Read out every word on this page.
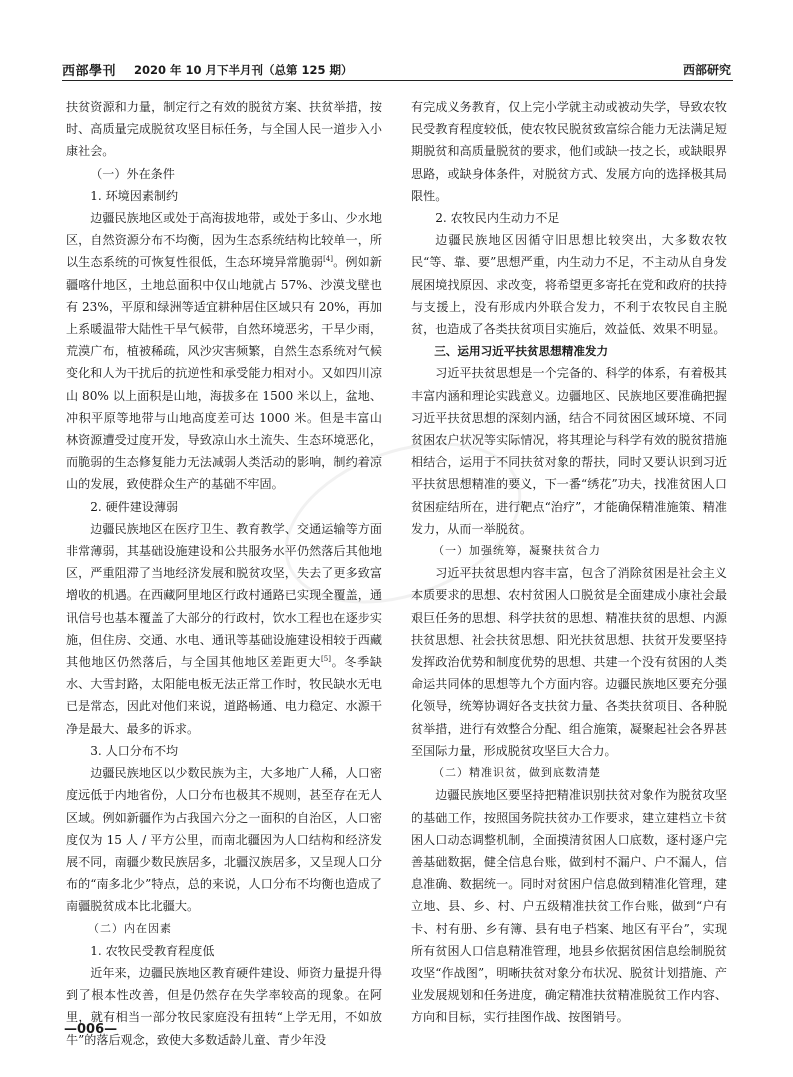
西部學刊 2020 年 10 月下半月刊（总第 125 期）	西部研究

扶贫资源和力量，制定行之有效的脱贫方案、扶贫举措，按时、高质量完成脱贫攻坚目标任务，与全国人民一道步入小康社会。

（一）外在条件

1. 环境因素制约

边疆民族地区或处于高海拔地带，或处于多山、少水地区，自然资源分布不均衡，因为生态系统结构比较单一，所以生态系统的可恢复性很低，生态环境异常脆弱[4]。例如新疆喀什地区，土地总面积中仅山地就占 57%、沙漠戈壁也有 23%，平原和绿洲等适宜耕种居住区域只有 20%，再加上系暖温带大陆性干旱气候带，自然环境恶劣，干旱少雨，荒漠广布，植被稀疏，风沙灾害频繁，自然生态系统对气候变化和人为干扰后的抗逆性和承受能力相对小。又如四川凉山 80% 以上面积是山地，海拔多在 1500 米以上，盆地、冲积平原等地带与山地高度差可达 1000 米。但是丰富山林资源遭受过度开发，导致凉山水土流失、生态环境恶化，而脆弱的生态修复能力无法减弱人类活动的影响，制约着凉山的发展，致使群众生产的基础不牢固。

2. 硬件建设薄弱

边疆民族地区在医疗卫生、教育教学、交通运输等方面非常薄弱，其基础设施建设和公共服务水平仍然落后其他地区，严重阻滞了当地经济发展和脱贫攻坚，失去了更多致富增收的机遇。在西藏阿里地区行政村通路已实现全覆盖，通讯信号也基本覆盖了大部分的行政村，饮水工程也在逐步实施，但住房、交通、水电、通讯等基础设施建设相较于西藏其他地区仍然落后，与全国其他地区差距更大[5]。冬季缺水、大雪封路，太阳能电板无法正常工作时，牧民缺水无电已是常态，因此对他们来说，道路畅通、电力稳定、水源干净是最大、最多的诉求。

3. 人口分布不均

边疆民族地区以少数民族为主，大多地广人稀，人口密度远低于内地省份，人口分布也极其不规则，甚至存在无人区域。例如新疆作为占我国六分之一面积的自治区，人口密度仅为 15 人 / 平方公里，而南北疆因为人口结构和经济发展不同，南疆少数民族居多，北疆汉族居多，又呈现人口分布的“南多北少”特点，总的来说，人口分布不均衡也造成了南疆脱贫成本比北疆大。

（二）内在因素

1. 农牧民受教育程度低

近年来，边疆民族地区教育硬件建设、师资力量提升得到了根本性改善，但是仍然存在失学率较高的现象。在阿里，就有相当一部分牧民家庭没有扭转“上学无用，不如放牛”的落后观念，致使大多数适龄儿童、青少年没

有完成义务教育，仅上完小学就主动或被动失学，导致农牧民受教育程度较低，使农牧民脱贫致富综合能力无法满足短期脱贫和高质量脱贫的要求，他们或缺一技之长，或缺眼界思路，或缺身体条件，对脱贫方式、发展方向的选择极其局限性。

2. 农牧民内生动力不足

边疆民族地区因循守旧思想比较突出，大多数农牧民“等、靠、要”思想严重，内生动力不足，不主动从自身发展困境找原因、求改变，将希望更多寄托在党和政府的扶持与支援上，没有形成内外联合发力，不利于农牧民自主脱贫，也造成了各类扶贫项目实施后，效益低、效果不明显。

三、运用习近平扶贫思想精准发力

习近平扶贫思想是一个完备的、科学的体系，有着极其丰富内涵和理论实践意义。边疆地区、民族地区要准确把握习近平扶贫思想的深刻内涵，结合不同贫困区域环境、不同贫困农户状况等实际情况，将其理论与科学有效的脱贫措施相结合，运用于不同扶贫对象的帮扶，同时又要认识到习近平扶贫思想精准的要义，下一番“绣花”功夫，找准贫困人口贫困症结所在，进行靶点“治疗”，才能确保精准施策、精准发力，从而一举脱贫。

（一）加强统筹，凝聚扶贫合力

习近平扶贫思想内容丰富，包含了消除贫困是社会主义本质要求的思想、农村贫困人口脱贫是全面建成小康社会最艰巨任务的思想、科学扶贫的思想、精准扶贫的思想、内源扶贫思想、社会扶贫思想、阳光扶贫思想、扶贫开发要坚持发挥政治优势和制度优势的思想、共建一个没有贫困的人类命运共同体的思想等九个方面内容。边疆民族地区要充分强化领导，统筹协调好各支扶贫力量、各类扶贫项目、各种脱贫举措，进行有效整合分配、组合施策，凝聚起社会各界甚至国际力量，形成脱贫攻坚巨大合力。

（二）精准识贫，做到底数清楚

边疆民族地区要坚持把精准识别扶贫对象作为脱贫攻坚的基础工作，按照国务院扶贫办工作要求，建立建档立卡贫困人口动态调整机制，全面摸清贫困人口底数，逐村逐户完善基础数据，健全信息台账，做到村不漏户、户不漏人，信息准确、数据统一。同时对贫困户信息做到精准化管理，建立地、县、乡、村、户五级精准扶贫工作台账，做到“户有卡、村有册、乡有簿、县有电子档案、地区有平台”，实现所有贫困人口信息精准管理，地县乡依据贫困信息绘制脱贫攻坚“作战图”，明晰扶贫对象分布状况、脱贫计划措施、产业发展规划和任务进度，确定精准扶贫精准脱贫工作内容、方向和目标，实行挂图作战、按图销号。

—006—
